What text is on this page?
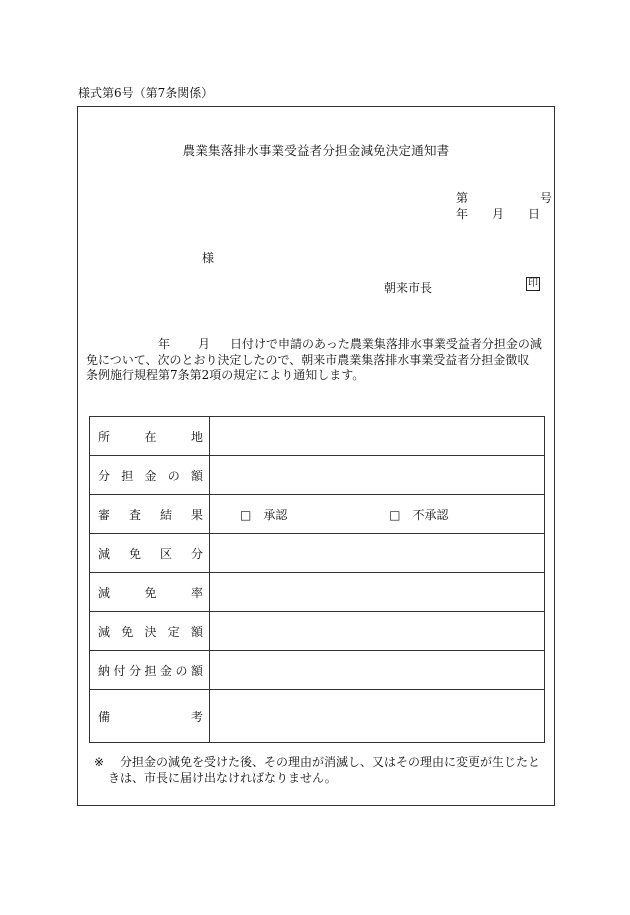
様式第6号（第7条関係）
農業集落排水事業受益者分担金減免決定通知書
第	号
年 月 日
様
朝来市長	印
年 月 日付けで申請のあった農業集落排水事業受益者分担金の減
免について、次のとおり決定したので、朝来市農業集落排水事業受益者分担金徴収
条例施行規程第7条第2項の規定により通知します。
所在地	
分担金の額	
審査結果	□　承認 □　不承認
減免区分	
減免率	
減免決定額	
納付分担金の額	
備考	
※	分担金の減免を受けた後、その理由が消滅し、又はその理由に変更が生じたと
きは、市長に届け出なければなりません。
